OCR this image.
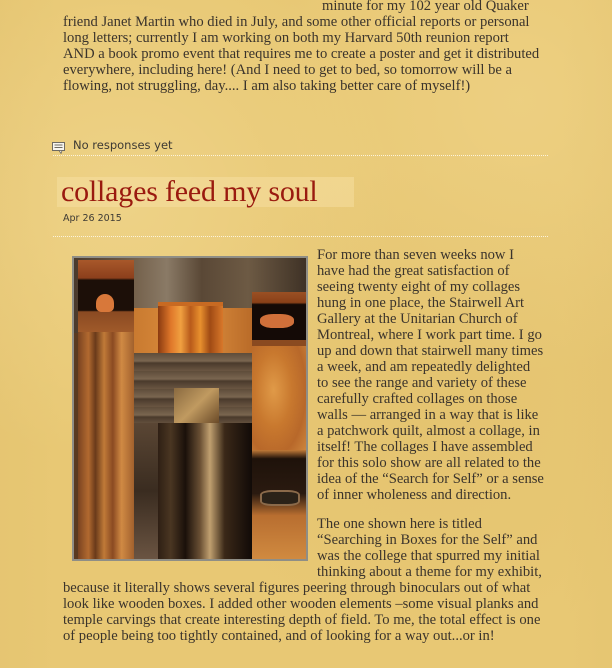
minute for my 102 year old Quaker friend Janet Martin who died in July, and some other official reports or personal long letters; currently I am working on both my Harvard 50th reunion report AND a book promo event that requires me to create a poster and get it distributed everywhere, including here! (And I need to get to bed, so tomorrow will be a flowing, not struggling, day.... I am also taking better care of myself!)

No responses yet
collages feed my soul
Apr 26 2015

For more than seven weeks now I have had the great satisfaction of seeing twenty eight of my collages hung in one place, the Stairwell Art Gallery at the Unitarian Church of Montreal, where I work part time. I go up and down that stairwell many times a week, and am repeatedly delighted to see the range and variety of these carefully crafted collages on those walls — arranged in a way that is like a patchwork quilt, almost a collage, in itself! The collages I have assembled for this solo show are all related to the idea of the “Search for Self” or a sense of inner wholeness and direction.

The one shown here is titled “Searching in Boxes for the Self” and was the college that spurred my initial thinking about a theme for my exhibit, because it literally shows several figures peering through binoculars out of what look like wooden boxes. I added other wooden elements –some visual planks and temple carvings that create interesting depth of field. To me, the total effect is one of people being too tightly contained, and of looking for a way out...or in!
